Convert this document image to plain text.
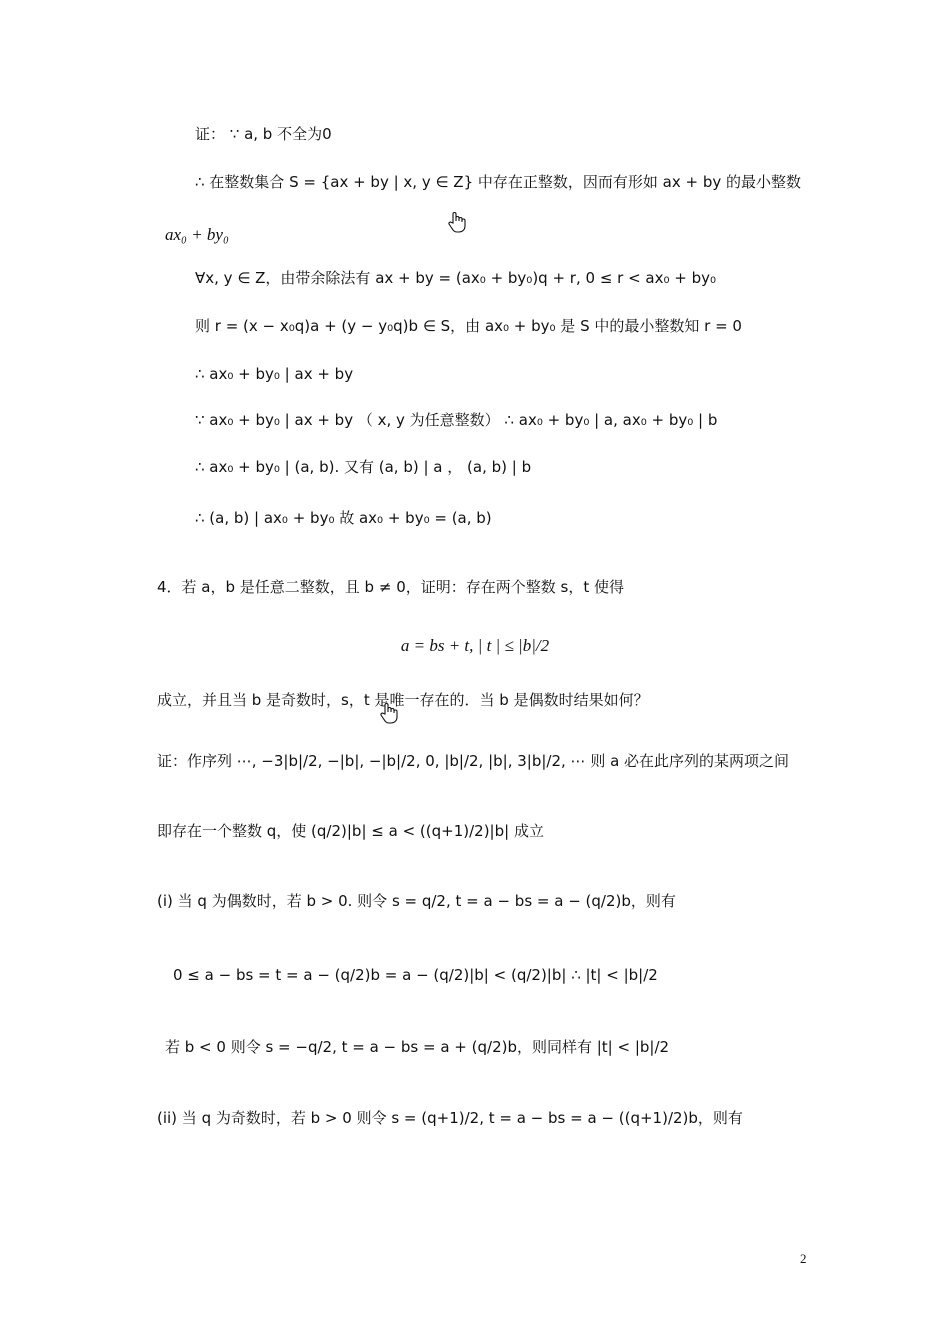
证： ∵ a, b 不全为0
∴ 在整数集合 S = {ax + by | x, y ∈ Z} 中存在正整数，因而有形如 ax + by 的最小整数
ax₀ + by₀
∀x, y ∈ Z，由带余除法有 ax + by = (ax₀ + by₀)q + r, 0 ≤ r < ax₀ + by₀
则 r = (x − x₀q)a + (y − y₀q)b ∈ S，由 ax₀ + by₀ 是 S 中的最小整数知 r = 0
∴ ax₀ + by₀ | ax + by
∵ ax₀ + by₀ | ax + by （ x, y 为任意整数） ∴ ax₀ + by₀ | a, ax₀ + by₀ | b
∴ ax₀ + by₀ | (a, b). 又有 (a, b) | a ， (a, b) | b
∴ (a, b) | ax₀ + by₀ 故 ax₀ + by₀ = (a, b)
4．若 a，b 是任意二整数，且 b ≠ 0，证明：存在两个整数 s，t 使得
a = bs + t, | t | ≤ |b|/2
成立，并且当 b 是奇数时，s，t 是唯一存在的．当 b 是偶数时结果如何？
证：作序列 ⋯, −3|b|/2, −|b|, −|b|/2, 0, |b|/2, |b|, 3|b|/2, ⋯ 则 a 必在此序列的某两项之间
即存在一个整数 q，使 (q/2)|b| ≤ a < ((q+1)/2)|b| 成立
(i) 当 q 为偶数时，若 b > 0. 则令 s = q/2, t = a − bs = a − (q/2)b，则有
0 ≤ a − bs = t = a − (q/2)b = a − (q/2)|b| < (q/2)|b| ∴ |t| < |b|/2
若 b < 0 则令 s = −q/2, t = a − bs = a + (q/2)b，则同样有 |t| < |b|/2
(ii) 当 q 为奇数时，若 b > 0 则令 s = (q+1)/2, t = a − bs = a − ((q+1)/2)b，则有
2
